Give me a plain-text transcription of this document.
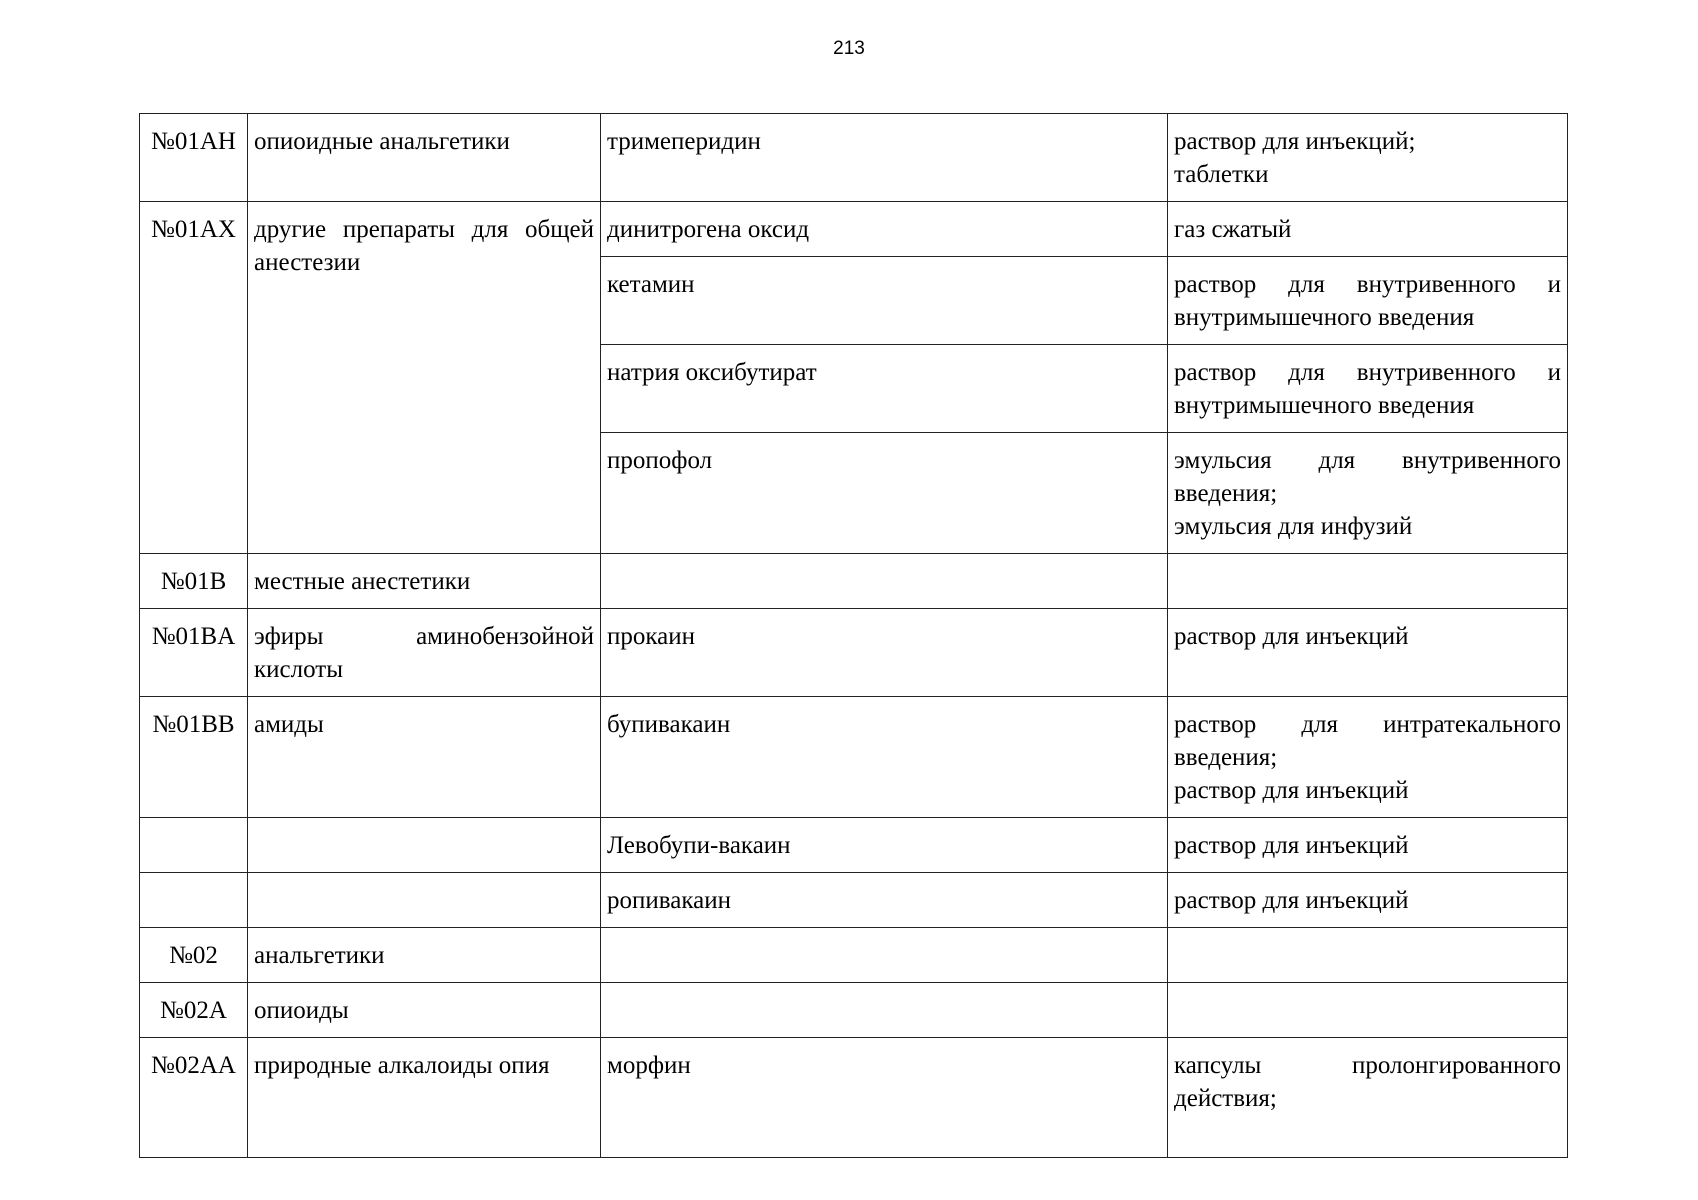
213
№01AH	опиоидные анальгетики	тримеперидин	раствор для инъекций;
таблетки

№01AX	другие препараты для общей анестезии	динитрогена оксид	газ сжатый

		кетамин	раствор для внутривенного и внутримышечного введения

		натрия оксибутират	раствор для внутривенного и внутримышечного введения

		пропофол	эмульсия для внутривенного введения;
эмульсия для инфузий

№01B	местные анестетики		
№01BA	эфиры аминобензойной кислоты	прокаин	раствор для инъекций

№01BB	амиды	бупивакаин	раствор для интратекального введения;
раствор для инъекций

		Левобупи-вакаин	раствор для инъекций

		ропивакаин	раствор для инъекций

№02	анальгетики		
№02A	опиоиды		
№02AA	природные алкалоиды опия	морфин	капсулы пролонгированного действия;
